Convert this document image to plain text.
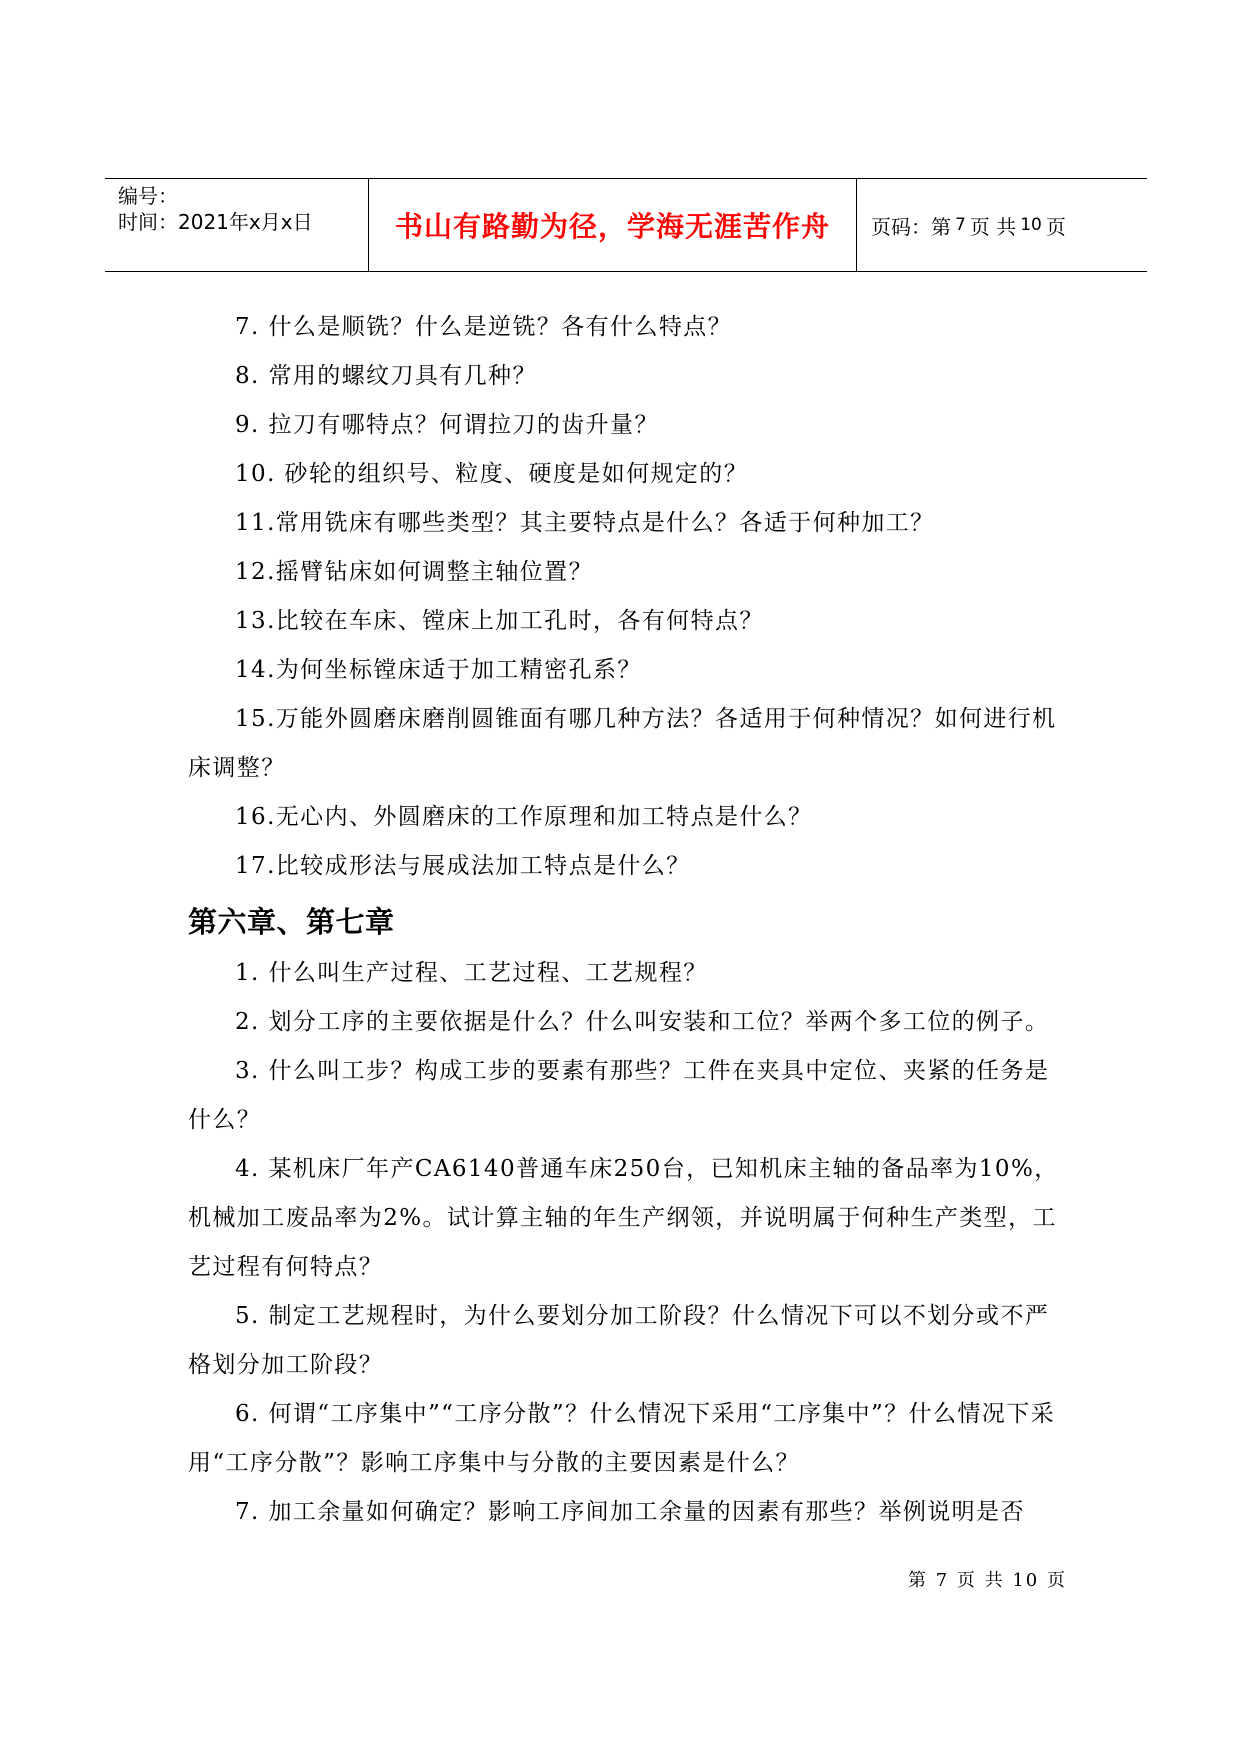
编号：
时间：2021年x月x日	书山有路勤为径，学海无涯苦作舟	页码：第 7 页 共 10 页

7. 什么是顺铣？什么是逆铣？各有什么特点？

8. 常用的螺纹刀具有几种？

9. 拉刀有哪特点？何谓拉刀的齿升量？

10. 砂轮的组织号、粒度、硬度是如何规定的？

11.常用铣床有哪些类型？其主要特点是什么？各适于何种加工？

12.摇臂钻床如何调整主轴位置？

13.比较在车床、镗床上加工孔时，各有何特点？

14.为何坐标镗床适于加工精密孔系？

15.万能外圆磨床磨削圆锥面有哪几种方法？各适用于何种情况？如何进行机床调整？

16.无心内、外圆磨床的工作原理和加工特点是什么？

17.比较成形法与展成法加工特点是什么？

第六章、第七章

1. 什么叫生产过程、工艺过程、工艺规程？

2. 划分工序的主要依据是什么？什么叫安装和工位？举两个多工位的例子。

3. 什么叫工步？构成工步的要素有那些？工件在夹具中定位、夹紧的任务是什么？

4. 某机床厂年产CA6140普通车床250台，已知机床主轴的备品率为10%，机械加工废品率为2%。试计算主轴的年生产纲领，并说明属于何种生产类型，工艺过程有何特点？

5. 制定工艺规程时，为什么要划分加工阶段？什么情况下可以不划分或不严格划分加工阶段？

6. 何谓“工序集中”“工序分散”？什么情况下采用“工序集中”？什么情况下采用“工序分散”？影响工序集中与分散的主要因素是什么？

7. 加工余量如何确定？影响工序间加工余量的因素有那些？举例说明是否

第 7 页 共 10 页
